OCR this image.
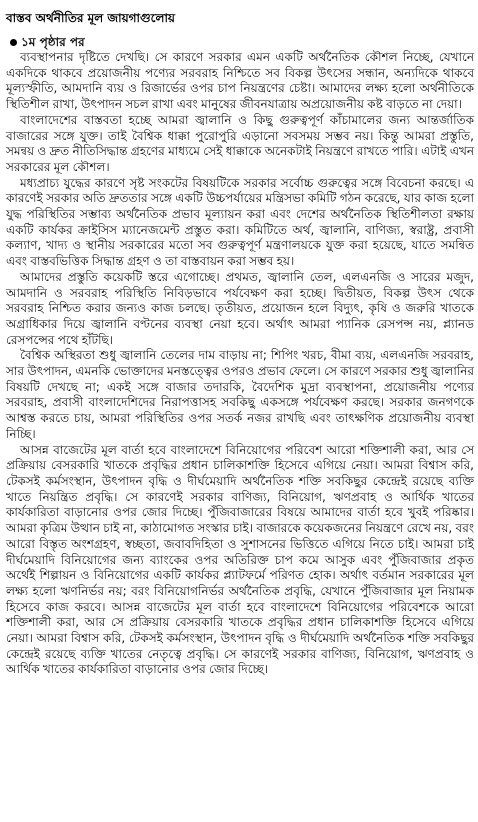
বাস্তব অর্থনীতির মূল জায়গাগুলোয়
১ম পৃষ্ঠার পর

ব্যবস্থাপনার দৃষ্টিতে দেখছি। সে কারণে সরকার এমন একটি অর্থনৈতিক কৌশল নিচ্ছে, যেখানে একদিকে থাকবে প্রয়োজনীয় পণ্যের সরবরাহ নিশ্চিতে সব বিকল্প উৎসের সন্ধান, অন্যদিকে থাকবে মূল্যস্ফীতি, আমদানি ব্যয় ও রিজার্ভের ওপর চাপ নিয়ন্ত্রণের চেষ্টা। আমাদের লক্ষ্য হলো অর্থনীতিকে স্থিতিশীল রাখা, উৎপাদন সচল রাখা এবং মানুষের জীবনযাত্রায় অপ্রয়োজনীয় কষ্ট বাড়তে না দেয়া।

বাংলাদেশের বাস্তবতা হচ্ছে আমরা জ্বালানি ও কিছু গুরুত্বপূর্ণ কাঁচামালের জন্য আন্তর্জাতিক বাজারের সঙ্গে যুক্ত। তাই বৈশ্বিক ধাক্কা পুরোপুরি এড়ানো সবসময় সম্ভব নয়। কিন্তু আমরা প্রস্তুতি, সমন্বয় ও দ্রুত নীতিসিদ্ধান্ত গ্রহণের মাধ্যমে সেই ধাক্কাকে অনেকটাই নিয়ন্ত্রণে রাখতে পারি। এটাই এখন সরকারের মূল কৌশল।

মধ্যপ্রাচ্য যুদ্ধের কারণে সৃষ্ট সংকটের বিষয়টিকে সরকার সর্বোচ্চ গুরুত্বের সঙ্গে বিবেচনা করছে। এ কারণেই সরকার অতি দ্রুততার সঙ্গে একটি উচ্চপর্যায়ের মন্ত্রিসভা কমিটি গঠন করেছে, যার কাজ হলো যুদ্ধ পরিস্থিতির সম্ভাব্য অর্থনৈতিক প্রভাব মূল্যায়ন করা এবং দেশের অর্থনৈতিক স্থিতিশীলতা রক্ষায় একটি কার্যকর ক্রাইসিস ম্যানেজমেন্ট প্রস্তুত করা। কমিটিতে অর্থ, জ্বালানি, বাণিজ্য, স্বরাষ্ট্র, প্রবাসী কল্যাণ, খাদ্য ও স্থানীয় সরকারের মতো সব গুরুত্বপূর্ণ মন্ত্রণালয়কে যুক্ত করা হয়েছে, যাতে সমন্বিত এবং বাস্তবভিত্তিক সিদ্ধান্ত গ্রহণ ও তা বাস্তবায়ন করা সম্ভব হয়।

আমাদের প্রস্তুতি কয়েকটি স্তরে এগোচ্ছে। প্রথমত, জ্বালানি তেল, এলএনজি ও সারের মজুদ, আমদানি ও সরবরাহ পরিস্থিতি নিবিড়ভাবে পর্যবেক্ষণ করা হচ্ছে। দ্বিতীয়ত, বিকল্প উৎস থেকে সরবরাহ নিশ্চিত করার জন্যও কাজ চলছে। তৃতীয়ত, প্রয়োজন হলে বিদ্যুৎ, কৃষি ও জরুরি খাতকে অগ্রাধিকার দিয়ে জ্বালানি বণ্টনের ব্যবস্থা নেয়া হবে। অর্থাৎ আমরা প্যানিক রেসপন্স নয়, প্ল্যানড রেসপন্সের পথে হাঁটছি।

বৈশ্বিক অস্থিরতা শুধু জ্বালানি তেলের দাম বাড়ায় না; শিপিং খরচ, বীমা ব্যয়, এলএনজি সরবরাহ, সার উৎপাদন, এমনকি ভোক্তাদের মনস্তত্ত্বের ওপরও প্রভাব ফেলে। সে কারণে সরকার শুধু জ্বালানির বিষয়টি দেখছে না; একই সঙ্গে বাজার তদারকি, বৈদেশিক মুদ্রা ব্যবস্থাপনা, প্রয়োজনীয় পণ্যের সরবরাহ, প্রবাসী বাংলাদেশিদের নিরাপত্তাসহ সবকিছু একসঙ্গে পর্যবেক্ষণ করছে। সরকার জনগণকে আশ্বস্ত করতে চায়, আমরা পরিস্থিতির ওপর সতর্ক নজর রাখছি এবং তাৎক্ষণিক প্রয়োজনীয় ব্যবস্থা নিচ্ছি।

আসন্ন বাজেটের মূল বার্তা হবে বাংলাদেশে বিনিয়োগের পরিবেশ আরো শক্তিশালী করা, আর সে প্রক্রিয়ায় বেসরকারি খাতকে প্রবৃদ্ধির প্রধান চালিকাশক্তি হিসেবে এগিয়ে নেয়া। আমরা বিশ্বাস করি, টেকসই কর্মসংস্থান, উৎপাদন বৃদ্ধি ও দীর্ঘমেয়াদি অর্থনৈতিক শক্তি সবকিছুর কেন্দ্রেই রয়েছে ব্যক্তি খাতে নিয়ন্ত্রিত প্রবৃদ্ধি। সে কারণেই সরকার বাণিজ্য, বিনিয়োগ, ঋণপ্রবাহ ও আর্থিক খাতের কার্যকারিতা বাড়ানোর ওপর জোর দিচ্ছে। পুঁজিবাজারের বিষয়ে আমাদের বার্তা হবে খুবই পরিষ্কার। আমরা কৃত্রিম উত্থান চাই না, কাঠামোগত সংস্কার চাই। বাজারকে কয়েকজনের নিয়ন্ত্রণে রেখে নয়, বরং আরো বিস্তৃত অংশগ্রহণ, স্বচ্ছতা, জবাবদিহিতা ও সুশাসনের ভিত্তিতে এগিয়ে নিতে চাই। আমরা চাই দীর্ঘমেয়াদি বিনিয়োগের জন্য ব্যাংকের ওপর অতিরিক্ত চাপ কমে আসুক এবং পুঁজিবাজার প্রকৃত অর্থেই শিল্পায়ন ও বিনিয়োগের একটি কার্যকর প্ল্যাটফর্মে পরিণত হোক। অর্থাৎ বর্তমান সরকারের মূল লক্ষ্য হলো ঋণনির্ভর নয়; বরং বিনিয়োগনির্ভর অর্থনৈতিক প্রবৃদ্ধি, যেখানে পুঁজিবাজার মূল নিয়ামক হিসেবে কাজ করবে। আসন্ন বাজেটের মূল বার্তা হবে বাংলাদেশে বিনিয়োগের পরিবেশকে আরো শক্তিশালী করা, আর সে প্রক্রিয়ায় বেসরকারি খাতকে প্রবৃদ্ধির প্রধান চালিকাশক্তি হিসেবে এগিয়ে নেয়া। আমরা বিশ্বাস করি, টেকসই কর্মসংস্থান, উৎপাদন বৃদ্ধি ও দীর্ঘমেয়াদি অর্থনৈতিক শক্তি সবকিছুর কেন্দ্রেই রয়েছে ব্যক্তি খাতের নেতৃত্বে প্রবৃদ্ধি। সে কারণেই সরকার বাণিজ্য, বিনিয়োগ, ঋণপ্রবাহ ও আর্থিক খাতের কার্যকারিতা বাড়ানোর ওপর জোর দিচ্ছে।
